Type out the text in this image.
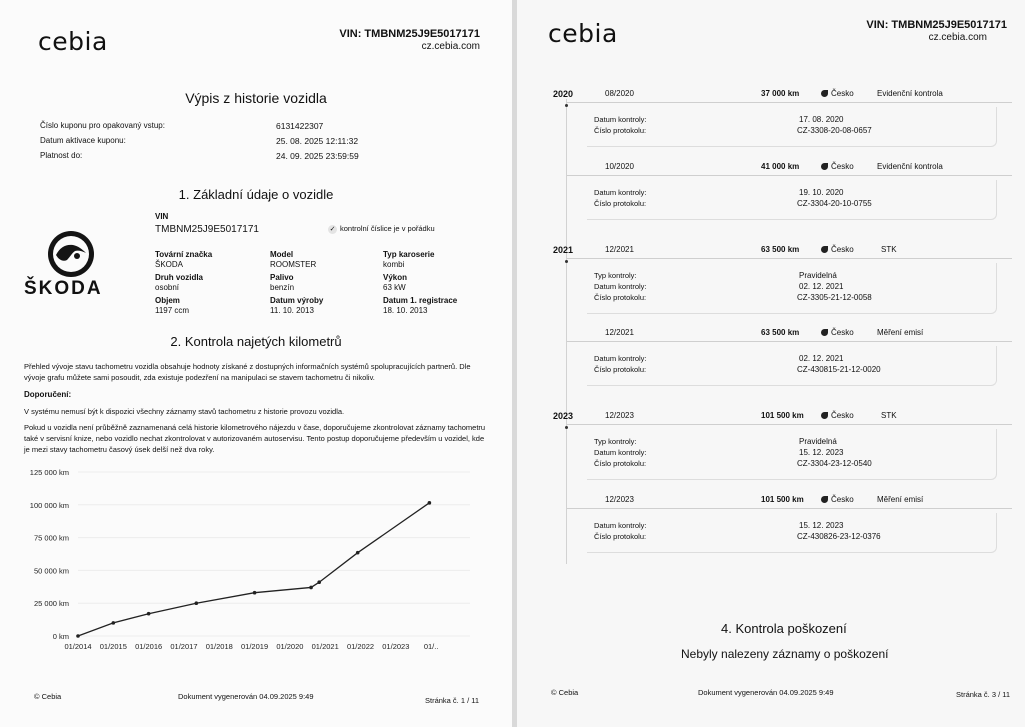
cebia	VIN: TMBNM25J9E5017171
cz.cebia.com
Výpis z historie vozidla
Číslo kuponu pro opakovaný vstup:	6131422307
Datum aktivace kuponu:	25. 08. 2025 12:11:32
Platnost do:	24. 09. 2025 23:59:59
1. Základní údaje o vozidle
VIN
TMBNM25J9E5017171	✓ kontrolní číslice je v pořádku
ŠKODA
Tovární značka
ŠKODA
Model
ROOMSTER
Typ karoserie
kombi
Druh vozidla
osobní
Palivo
benzín
Výkon
63 kW
Objem
1197 ccm
Datum výroby
11. 10. 2013
Datum 1. registrace
18. 10. 2013
2. Kontrola najetých kilometrů
Přehled vývoje stavu tachometru vozidla obsahuje hodnoty získané z dostupných informačních systémů spolupracujících partnerů. Dle vývoje grafu můžete sami posoudit, zda existuje podezření na manipulaci se stavem tachometru či nikoliv.
Doporučení:
V systému nemusí být k dispozici všechny záznamy stavů tachometru z historie provozu vozidla.
Pokud u vozidla není průběžně zaznamenaná celá historie kilometrového nájezdu v čase, doporučujeme zkontrolovat záznamy tachometru také v servisní knize, nebo vozidlo nechat zkontrolovat v autorizovaném autoservisu. Tento postup doporučujeme především u vozidel, kde je mezi stavy tachometru časový úsek delší než dva roky.
125 000 km
100 000 km
75 000 km
50 000 km
25 000 km
0 km
01/2014 01/2015 01/2016 01/2017 01/2018 01/2019 01/2020 01/2021 01/2022 01/2023 01/..
© Cebia	Dokument vygenerován 04.09.2025 9:49	Stránka č. 1 / 11
cebia	VIN: TMBNM25J9E5017171
cz.cebia.com
4. Kontrola poškození
Nebyly nalezeny záznamy o poškození
© Cebia	Dokument vygenerován 04.09.2025 9:49	Stránka č. 3 / 11
2020	08/2020	37 000 km	Česko	Evidenční kontrola
Datum kontroly:	17. 08. 2020
Číslo protokolu:	CZ-3308-20-08-0657
10/2020	41 000 km	Česko	Evidenční kontrola
Datum kontroly:	19. 10. 2020
Číslo protokolu:	CZ-3304-20-10-0755
2021	12/2021	63 500 km	Česko	STK
Typ kontroly:	Pravidelná
Datum kontroly:	02. 12. 2021
Číslo protokolu:	CZ-3305-21-12-0058
12/2021	63 500 km	Česko	Měření emisí
Datum kontroly:	02. 12. 2021
Číslo protokolu:	CZ-430815-21-12-0020
2023	12/2023	101 500 km	Česko	STK
Typ kontroly:	Pravidelná
Datum kontroly:	15. 12. 2023
Číslo protokolu:	CZ-3304-23-12-0540
12/2023	101 500 km	Česko	Měření emisí
Datum kontroly:	15. 12. 2023
Číslo protokolu:	CZ-430826-23-12-0376
